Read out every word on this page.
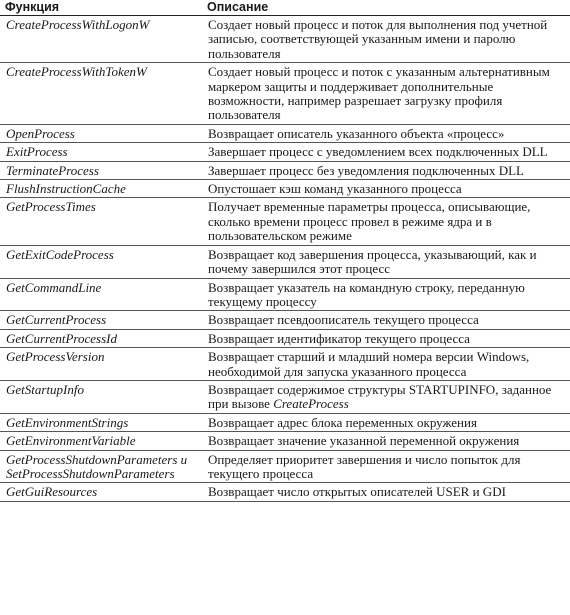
Функция	Описание
CreateProcessWithLogonW	Создает новый процесс и поток для выполнения под учетной записью, соответствующей указанным имени и паролю пользователя
CreateProcessWithTokenW	Создает новый процесс и поток с указанным альтернативным маркером защиты и поддерживает дополнительные возможности, например разрешает загрузку профиля пользователя
OpenProcess	Возвращает описатель указанного объекта «процесс»
ExitProcess	Завершает процесс с уведомлением всех подключенных DLL
TerminateProcess	Завершает процесс без уведомления подключенных DLL
FlushInstructionCache	Опустошает кэш команд указанного процесса
GetProcessTimes	Получает временные параметры процесса, описывающие, сколько времени процесс провел в режиме ядра и в пользовательском режиме
GetExitCodeProcess	Возвращает код завершения процесса, указывающий, как и почему завершился этот процесс
GetCommandLine	Возвращает указатель на командную строку, переданную текущему процессу
GetCurrentProcess	Возвращает псевдоописатель текущего процесса
GetCurrentProcessId	Возвращает идентификатор текущего процесса
GetProcessVersion	Возвращает старший и младший номера версии Windows, необходимой для запуска указанного процесса
GetStartupInfo	Возвращает содержимое структуры STARTUPINFO, заданное при вызове CreateProcess
GetEnvironmentStrings	Возвращает адрес блока переменных окружения
GetEnvironmentVariable	Возвращает значение указанной переменной окружения
GetProcessShutdownParameters и SetProcessShutdownParameters	Определяет приоритет завершения и число попыток для текущего процесса
GetGuiResources	Возвращает число открытых описателей USER и GDI
